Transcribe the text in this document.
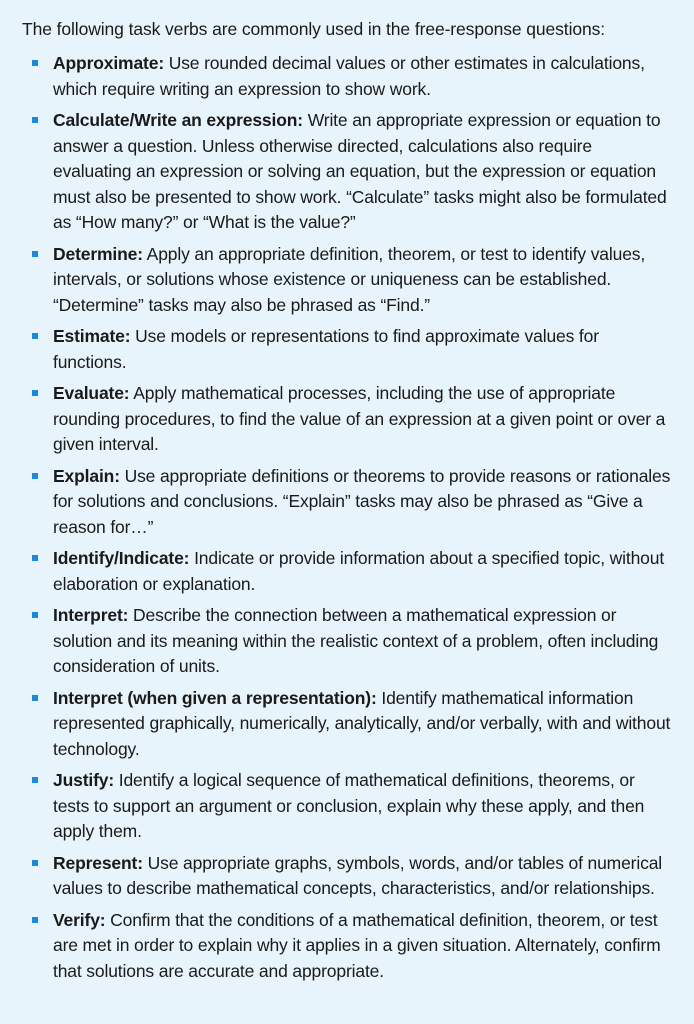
The following task verbs are commonly used in the free-response questions:

Approximate: Use rounded decimal values or other estimates in calculations, which require writing an expression to show work.
Calculate/Write an expression: Write an appropriate expression or equation to answer a question. Unless otherwise directed, calculations also require evaluating an expression or solving an equation, but the expression or equation must also be presented to show work. “Calculate” tasks might also be formulated as “How many?” or “What is the value?”
Determine: Apply an appropriate definition, theorem, or test to identify values, intervals, or solutions whose existence or uniqueness can be established. “Determine” tasks may also be phrased as “Find.”
Estimate: Use models or representations to find approximate values for functions.
Evaluate: Apply mathematical processes, including the use of appropriate rounding procedures, to find the value of an expression at a given point or over a given interval.
Explain: Use appropriate definitions or theorems to provide reasons or rationales for solutions and conclusions. “Explain” tasks may also be phrased as “Give a reason for…”
Identify/Indicate: Indicate or provide information about a specified topic, without elaboration or explanation.
Interpret: Describe the connection between a mathematical expression or solution and its meaning within the realistic context of a problem, often including consideration of units.
Interpret (when given a representation): Identify mathematical information represented graphically, numerically, analytically, and/or verbally, with and without technology.
Justify: Identify a logical sequence of mathematical definitions, theorems, or tests to support an argument or conclusion, explain why these apply, and then apply them.
Represent: Use appropriate graphs, symbols, words, and/or tables of numerical values to describe mathematical concepts, characteristics, and/or relationships.
Verify: Confirm that the conditions of a mathematical definition, theorem, or test are met in order to explain why it applies in a given situation. Alternately, confirm that solutions are accurate and appropriate.
